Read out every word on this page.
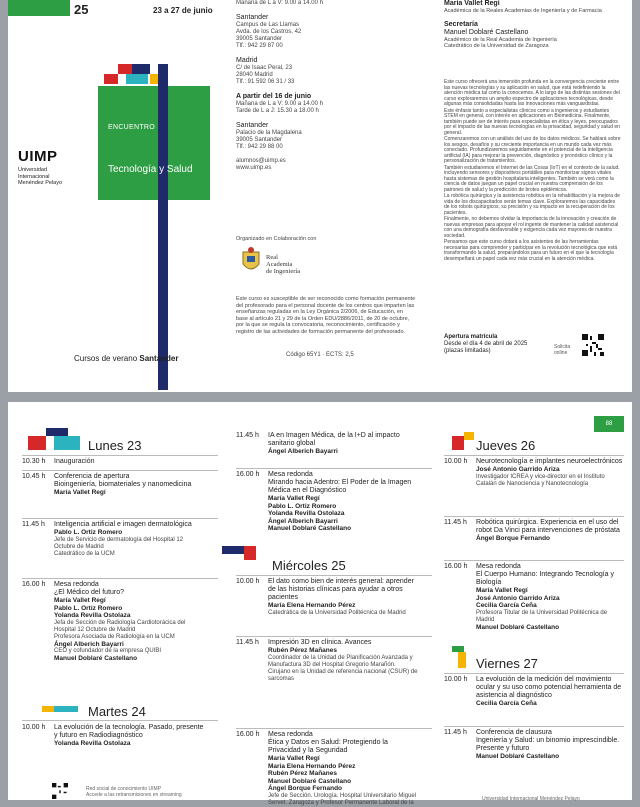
25	23 a 27 de junio
ENCUENTRO
Tecnología y Salud
UIMP
Universidad
Internacional
Menéndez Pelayo
Cursos de verano Santander
Mañana de L a V: 9.00 a 14.00 h
Santander
Campus de Las Llamas
Avda. de los Castros, 42
39005 Santander
Tlf.: 942 29 87 00
Madrid
C/ de Isaac Peral, 23
28040 Madrid
Tlf.: 91 592 06 31 / 33
A partir del 16 de junio
Mañana de L a V: 9.00 a 14.00 h
Tarde de L a J: 15.30 a 18.00 h
Santander
Palacio de la Magdalena
39005 Santander
Tlf.: 942 29 88 00
alumnos@uimp.es
www.uimp.es
Organizado en Colaboración con
Real
Academia
de Ingeniería
Este curso es susceptible de ser reconocido como formación permanente del profesorado para el personal docente de los centros que imparten las enseñanzas reguladas en la Ley Orgánica 2/2006, de Educación, en base al artículo 21 y 29 de la Orden EDU/2886/2011, de 20 de octubre, por la que se regula la convocatoria, reconocimiento, certificación y registro de las actividades de formación permanente del profesorado.
Código 65Y1 · ECTS: 2,5
María Vallet Regí
Académica de la Reales Academias de Ingeniería y de Farmacia
Secretaría
Manuel Doblaré Castellano
Académico de la Real Academia de Ingeniería
Catedrático de la Universidad de Zaragoza

Este curso ofrecerá una inmersión profunda en la convergencia creciente entre las nuevas tecnologías y su aplicación en salud, que está redefiniendo la atención médica tal como la conocemos. A lo largo de las distintas sesiones del curso exploraremos un amplio espectro de aplicaciones tecnológicas, desde algunas más consolidadas hasta las innovaciones más vanguardistas.

Este énfasis tanto a especialistas clínicos como a ingenieros y estudiantes STEM en general, con interés en aplicaciones en Biomedicina. Finalmente, también puede ser de interés para especialistas en ética y leyes, preocupados por el impacto de las nuevas tecnologías en la privacidad, seguridad y salud en general.

Comenzaremos con un análisis del uso de los datos médicos. Se hablará sobre los sesgos, desafíos y su creciente importancia en un mundo cada vez más conectado. Profundizaremos seguidamente en el potencial de la inteligencia artificial (IA) para mejorar la prevención, diagnóstico y pronóstico clínico y la personalización de tratamientos.

También estudiaremos el Internet de las Cosas (IoT) en el contexto de la salud, incluyendo sensores y dispositivos portátiles para monitorizar signos vitales hasta sistemas de gestión hospitalaria inteligentes. También se verá como la ciencia de datos juegan un papel crucial en nuestra comprensión de los patrones de salud y la predicción de brotes epidémicos.

La robótica quirúrgica y la asistencia robótica en la rehabilitación y la mejora de vida de los discapacitados serán temas clave. Exploraremos las capacidades de los robots quirúrgicos, su precisión y su impacto en la recuperación de los pacientes.

Finalmente, no debemos olvidar la importancia de la innovación y creación de nuevas empresas para apoyar el rol ingente de mantener la calidad asistencial con una demografía desfavorable y exigencia cada vez mayores de nuestra sociedad.

Pensamos que este curso dotará a los asistentes de las herramientas necesarias para comprender y participar en la revolución tecnológica que está transformando la salud, preparándolos para un futuro en el que la tecnología desempeñará un papel cada vez más crucial en la atención médica.

Apertura matrícula
Desde el día 4 de abril de 2025
(plazas limitadas)
Solicita online
88
Lunes 23
10.30 h Inauguración
10.45 h Conferencia de apertura
Bioingeniería, biomateriales y nanomedicina
María Vallet Regí
11.45 h Inteligencia artificial e imagen dermatológica
Pablo L. Ortiz Romero
Jefe de Servicio de dermatología del Hospital 12 Octubre de Madrid
Catedrático de la UCM
16.00 h Mesa redonda
¿El Médico del futuro?
María Vallet Regí
Pablo L. Ortiz Romero
Yolanda Revilla Ostolaza
Jefa de Sección de Radiología Cardiotorácica del Hospital 12 Octubre de Madrid
Profesora Asociada de Radiología en la UCM
Ángel Alberich Bayarri
CEO y cofundador de la empresa QUIBI
Manuel Doblaré Castellano
Martes 24
10.00 h La evolución de la tecnología. Pasado, presente y futuro en Radiodiagnóstico
Yolanda Revilla Ostolaza
Red social de conocimiento UIMP
Accede a las retransmisiones en streaming
11.45 h IA en Imagen Médica, de la I+D al impacto sanitario global
Ángel Alberich Bayarri
16.00 h Mesa redonda
Mirando hacia Adentro: El Poder de la Imagen Médica en el Diagnóstico
María Vallet Regí
Pablo L. Ortiz Romero
Yolanda Revilla Ostolaza
Ángel Alberich Bayarri
Manuel Doblaré Castellano
Miércoles 25
10.00 h El dato como bien de interés general: aprender de las historias clínicas para ayudar a otros pacientes
María Elena Hernando Pérez
Catedrática de la Universidad Politécnica de Madrid
11.45 h Impresión 3D en clínica. Avances
Rubén Pérez Mañanes
Coordinador de la Unidad de Planificación Avanzada y Manufactura 3D del Hospital Gregorio Marañón. Cirujano en la Unidad de referencia nacional (CSUR) de sarcomas
16.00 h Mesa redonda
Ética y Datos en Salud: Protegiendo la Privacidad y la Seguridad
María Vallet Regí
María Elena Hernando Pérez
Rubén Pérez Mañanes
Manuel Doblaré Castellano
Ángel Borque Fernando
Jefe de Sección. Urología. Hospital Universitario Miguel Servet. Zaragoza y Profesor Permanente Laboral de la
Jueves 26
10.00 h Neurotecnología e implantes neuroelectrónicos
José Antonio Garrido Ariza
Investigador ICREA y vice-director en el Instituto Catalán de Nanociencia y Nanotecnología
11.45 h Robótica quirúrgica. Experiencia en el uso del robot Da Vinci para intervenciones de próstata
Ángel Borque Fernando
16.00 h Mesa redonda
El Cuerpo Humano: Integrando Tecnología y Biología
María Vallet Regí
José Antonio Garrido Ariza
Cecilia García Ceña
Profesora Titular de la Universidad Politécnica de Madrid
Manuel Doblaré Castellano
Viernes 27
10.00 h La evolución de la medición del movimiento ocular y su uso como potencial herramienta de asistencia al diagnóstico
Cecilia García Ceña
11.45 h Conferencia de clausura
Ingeniería y Salud: un binomio imprescindible. Presente y futuro
Manuel Doblaré Castellano
Universidad Internacional Menéndez Pelayo
